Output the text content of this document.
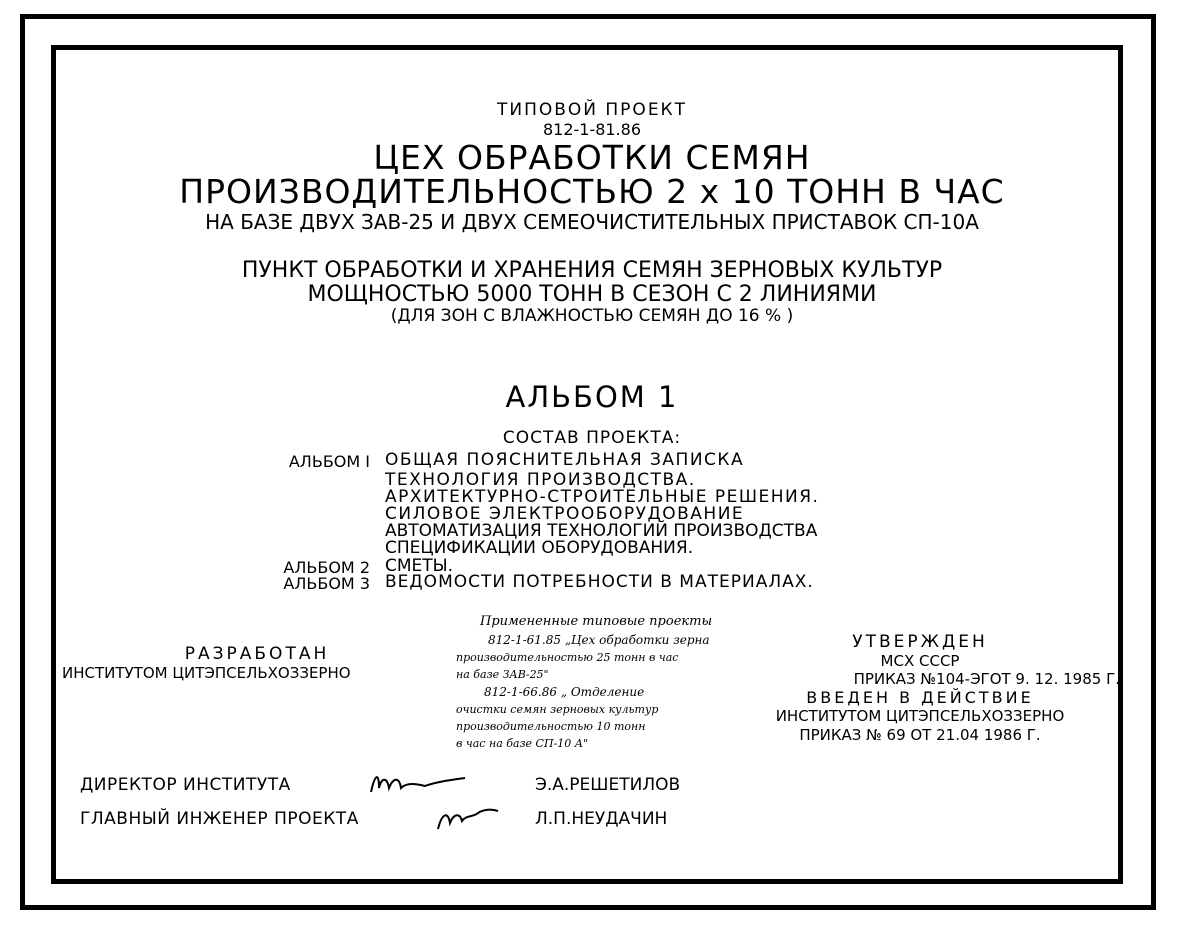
ТИПОВОЙ ПРОЕКТ
812-1-81.86
ЦЕХ ОБРАБОТКИ СЕМЯН
ПРОИЗВОДИТЕЛЬНОСТЬЮ 2 х 10 ТОНН В ЧАС
НА БАЗЕ ДВУХ ЗАВ-25 И ДВУХ СЕМЕОЧИСТИТЕЛЬНЫХ ПРИСТАВОК СП-10А
ПУНКТ ОБРАБОТКИ И ХРАНЕНИЯ СЕМЯН ЗЕРНОВЫХ КУЛЬТУР
МОЩНОСТЬЮ 5000 ТОНН В СЕЗОН С 2 ЛИНИЯМИ
(ДЛЯ ЗОН С ВЛАЖНОСТЬЮ СЕМЯН ДО 16 % )
АЛЬБОМ 1
СОСТАВ ПРОЕКТА:
АЛЬБОМ I ОБЩАЯ ПОЯСНИТЕЛЬНАЯ ЗАПИСКА
ТЕХНОЛОГИЯ ПРОИЗВОДСТВА.
АРХИТЕКТУРНО-СТРОИТЕЛЬНЫЕ РЕШЕНИЯ.
СИЛОВОЕ ЭЛЕКТРООБОРУДОВАНИЕ
АВТОМАТИЗАЦИЯ ТЕХНОЛОГИЙ ПРОИЗВОДСТВА
СПЕЦИФИКАЦИИ ОБОРУДОВАНИЯ.
АЛЬБОМ 2 СМЕТЫ.
АЛЬБОМ 3 ВЕДОМОСТИ ПОТРЕБНОСТИ В МАТЕРИАЛАХ.
РАЗРАБОТАН
ИНСТИТУТОМ ЦИТЭПСЕЛЬХОЗЗЕРНО
Примененные типовые проекты
812-1-61.85 „Цех обработки зерна
производительностью 25 тонн в час
на базе ЗАВ-25"
812-1-66.86 „ Отделение
очистки семян зерновых культур
производительностью 10 тонн
в час на базе СП-10 А"
УТВЕРЖДЕН
МСХ СССР
ПРИКАЗ №104-ЭГОТ 9. 12. 1985 Г.
ВВЕДЕН В ДЕЙСТВИЕ
ИНСТИТУТОМ ЦИТЭПСЕЛЬХОЗЗЕРНО
ПРИКАЗ № 69 ОТ 21.04 1986 Г.
ДИРЕКТОР ИНСТИТУТА	Э.А.РЕШЕТИЛОВ
ГЛАВНЫЙ ИНЖЕНЕР ПРОЕКТА	Л.П.НЕУДАЧИН
